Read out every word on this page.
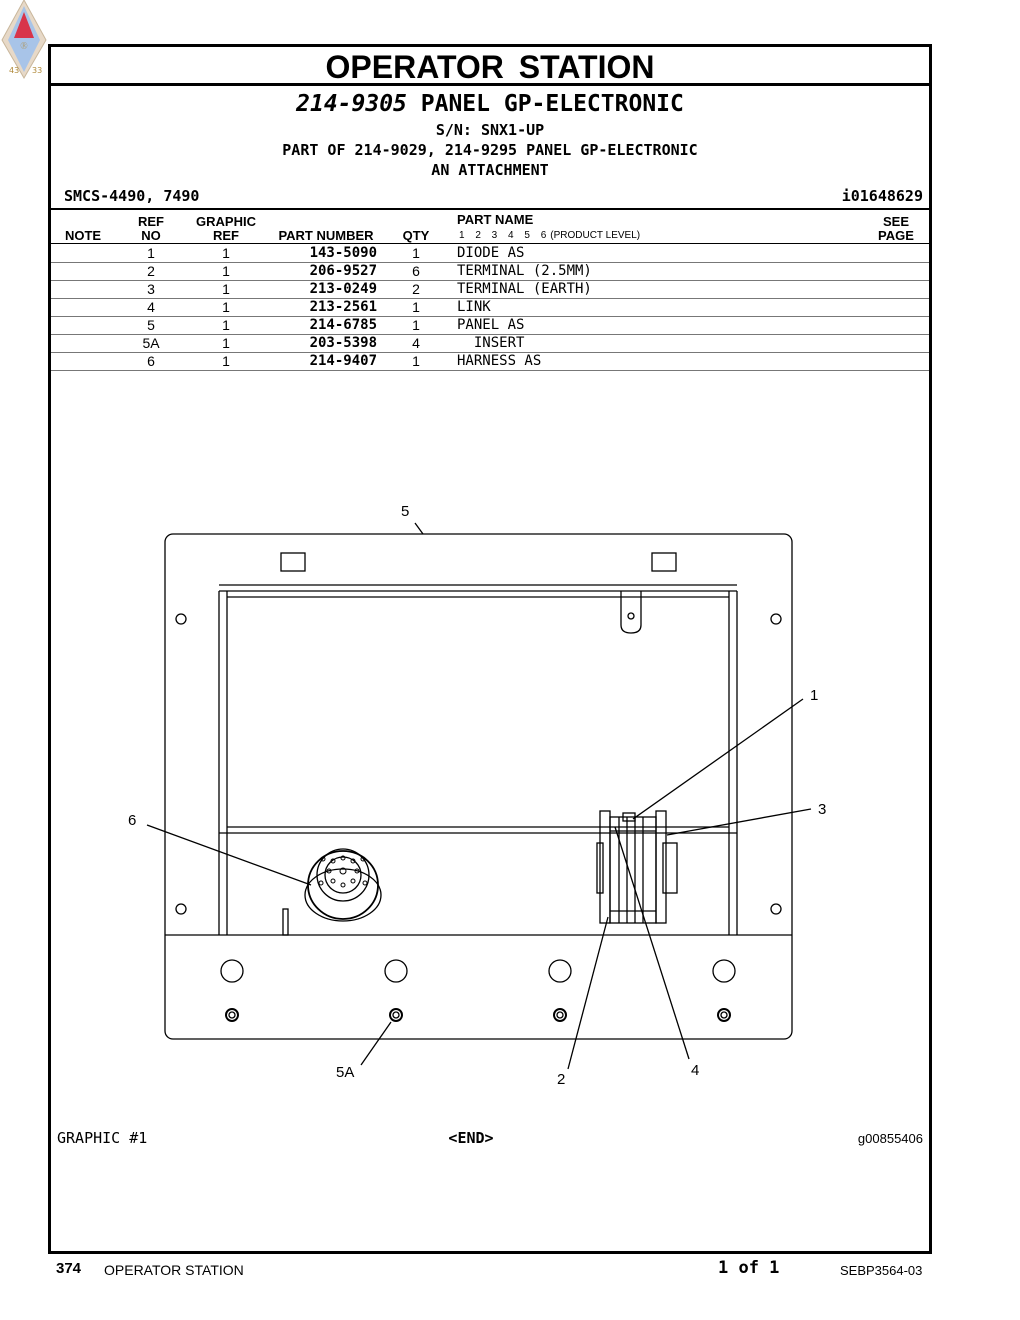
Ⓡ
43 33	OPERATOR STATION
214-9305 PANEL GP-ELECTRONIC
S/N: SNX1-UP
PART OF 214-9029, 214-9295 PANEL GP-ELECTRONIC
AN ATTACHMENT
SMCS-4490, 7490	i01648629
NOTE
REF
NO
GRAPHIC
REF	PART NUMBER	QTY
PART NAME
1 2 3 4 5 6 (PRODUCT LEVEL)
SEE
PAGE
1	1	143-5090	1	DIODE AS
2	1	206-9527	6	TERMINAL (2.5MM)
3	1	213-0249	2	TERMINAL (EARTH)
4	1	213-2561	1	LINK
5	1	214-6785	1	PANEL AS
5A	1	203-5398	4	INSERT
6	1	214-9407	1	HARNESS AS
5
1
3
6
5A	2
4
GRAPHIC #1	<END>	g00855406
374 OPERATOR STATION	1 of 1	SEBP3564-03
